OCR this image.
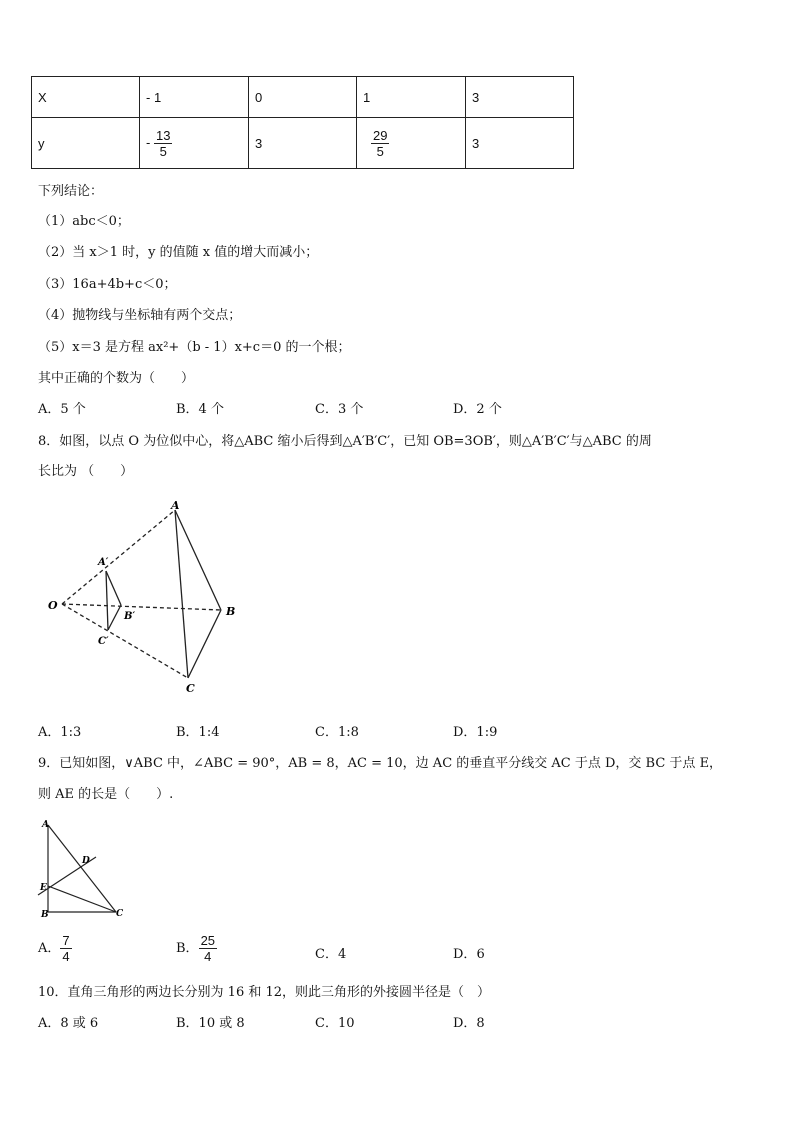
X	- 1	0	1	3
y	- $\frac{13}{5}$	3	$\frac{29}{5}$	3
下列结论：
（1）abc＜0；
（2）当 x＞1 时，y 的值随 x 值的增大而减小；
（3）16a+4b+c＜0；
（4）抛物线与坐标轴有两个交点；
（5）x＝3 是方程 ax²+（b - 1）x+c＝0 的一个根；
其中正确的个数为（　　）
A．5 个	B．4 个	C．3 个	D．2 个
8．如图，以点 O 为位似中心，将△ABC 缩小后得到△A′B′C′，已知 OB=3OB′，则△A′B′C′与△ABC 的周
长比为 （　　）
A
B
C
O
A′
B′
C′
A．1:3	B．1:4	C．1:8	D．1:9
9．已知如图，∨ABC 中，∠ABC = 90°，AB = 8，AC = 10，边 AC 的垂直平分线交 AC 于点 D，交 BC 于点 E，
则 AE 的长是（　　）.
A
D
E
B	C
A． $\frac{7}{4}$	B． $\frac{25}{4}$	C．4	D．6
10．直角三角形的两边长分别为 16 和 12，则此三角形的外接圆半径是（　）
A．8 或 6	B．10 或 8	C．10	D．8
